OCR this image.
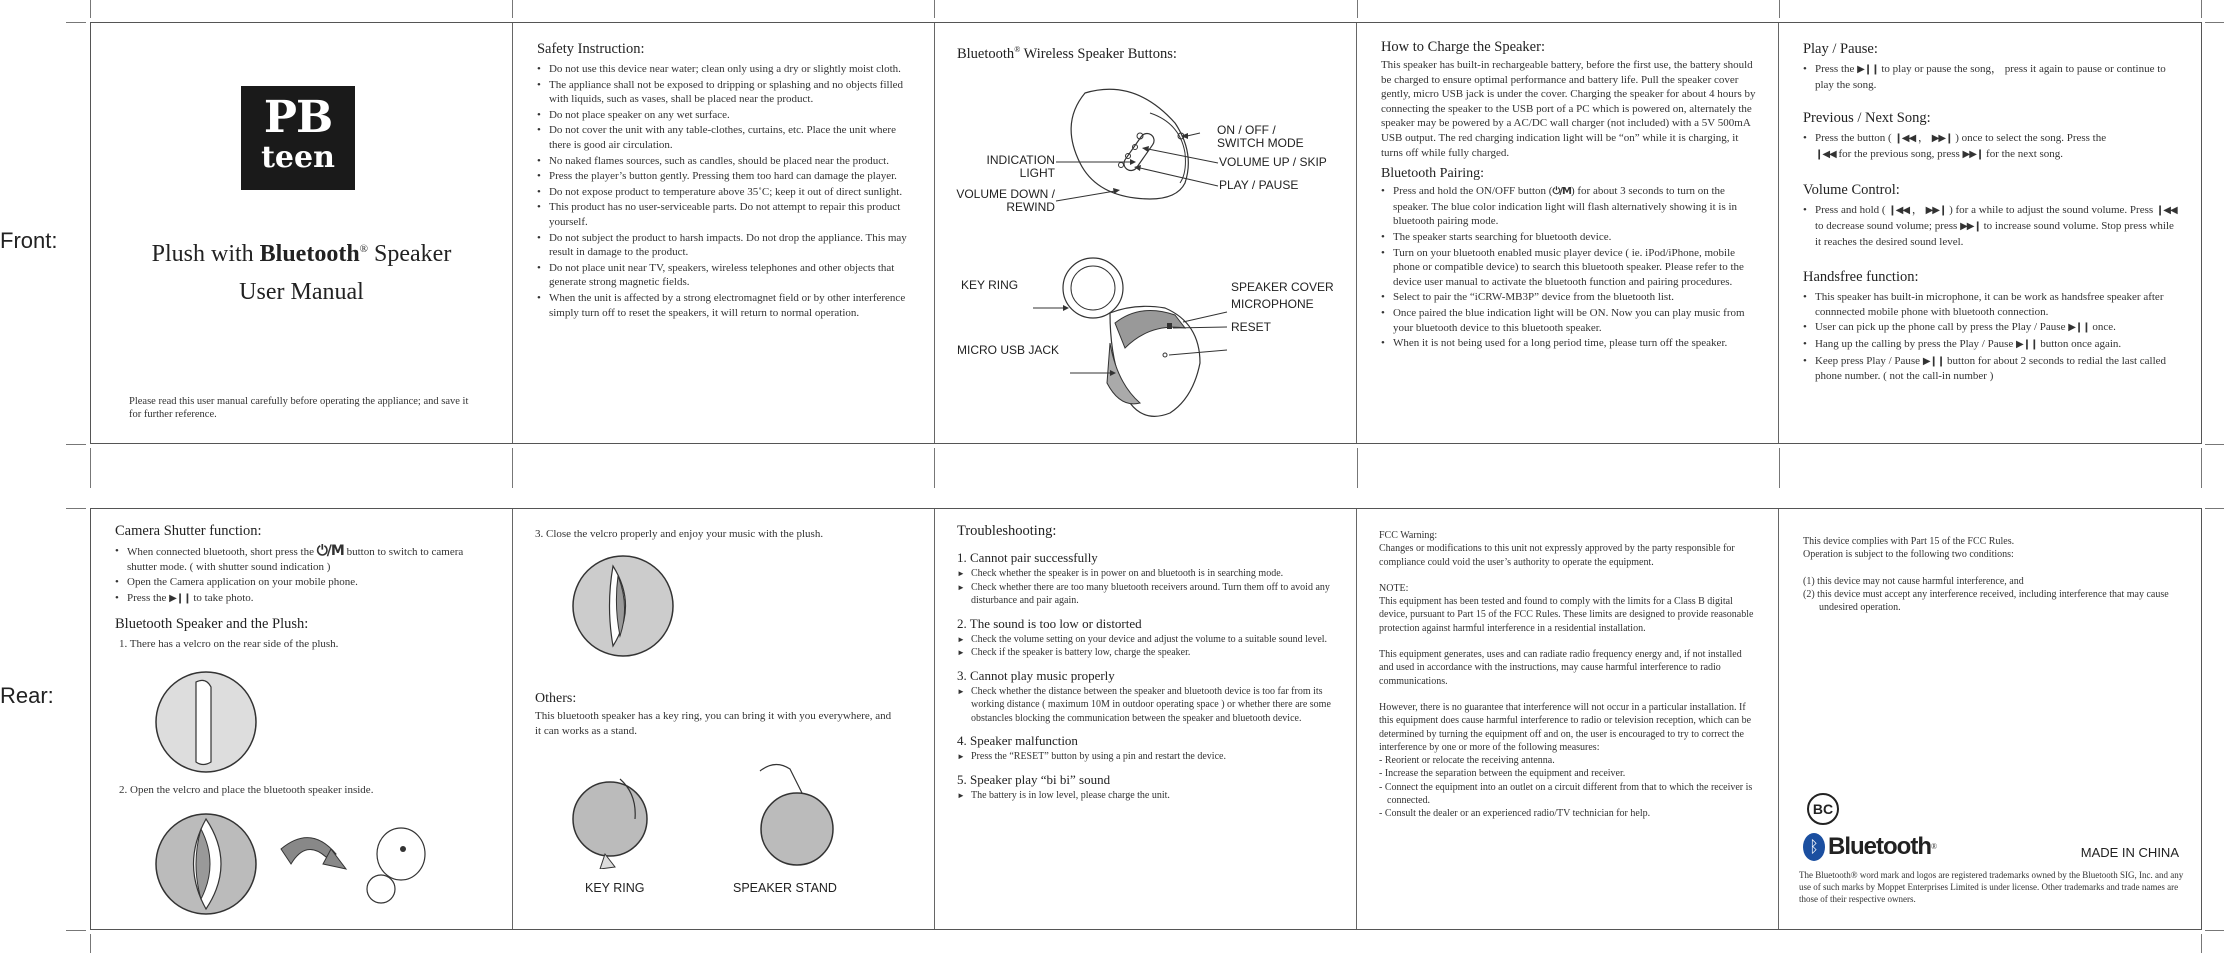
Front:
Rear:
PB
teen
Plush with Bluetooth® Speaker
User Manual
Please read this user manual carefully before operating the appliance; and save it for further reference.
Safety Instruction:
• Do not use this device near water; clean only using a dry or slightly moist cloth.
• The appliance shall not be exposed to dripping or splashing and no objects filled with liquids, such as vases, shall be placed near the product.
• Do not place speaker on any wet surface.
• Do not cover the unit with any table-clothes, curtains, etc. Place the unit where there is good air circulation.
• No naked flames sources, such as candles, should be placed near the product.
• Press the player’s button gently. Pressing them too hard can damage the player.
• Do not expose product to temperature above 35˚C; keep it out of direct sunlight.
• This product has no user-serviceable parts. Do not attempt to repair this product yourself.
• Do not subject the product to harsh impacts. Do not drop the appliance. This may result in damage to the product.
• Do not place unit near TV, speakers, wireless telephones and other objects that generate strong magnetic fields.
• When the unit is affected by a strong electromagnet field or by other interference simply turn off to reset the speakers, it will return to normal operation.
Bluetooth® Wireless Speaker Buttons:
ON / OFF /
SWITCH MODE
INDICATION
LIGHT
VOLUME UP / SKIP
VOLUME DOWN /
REWIND
PLAY / PAUSE
KEY RING	SPEAKER COVER
MICROPHONE
RESET
MICRO USB JACK
How to Charge the Speaker:

This speaker has built-in rechargeable battery, before the first use, the battery should be charged to ensure optimal performance and battery life. Pull the speaker cover gently, micro USB jack is under the cover. Charging the speaker for about 4 hours by connecting the speaker to the USB port of a PC which is powered on, alternately the speaker may be powered by a AC/DC wall charger (not included) with a 5V 500mA USB output. The red charging indication light will be “on” while it is charging, it turns off while fully charged.

Bluetooth Pairing:
• Press and hold the ON/OFF button (⏻/M) for about 3 seconds to turn on the speaker. The blue color indication light will flash alternatively showing it is in bluetooth pairing mode.
• The speaker starts searching for bluetooth device.
• Turn on your bluetooth enabled music player device ( ie. iPod/iPhone, mobile phone or compatible device) to search this bluetooth speaker. Please refer to the device user manual to activate the bluetooth function and pairing procedures.
• Select to pair the “iCRW-MB3P” device from the bluetooth list.
• Once paired the blue indication light will be ON. Now you can play music from your bluetooth device to this bluetooth speaker.
• When it is not being used for a long period time, please turn off the speaker.
Play / Pause:
• Press the ▶❙❙ to play or pause the song， press it again to pause or continue to play the song.
Previous / Next Song:
• Press the button ( ❙◀◀ ， ▶▶❙ ) once to select the song. Press the
❙◀◀ for the previous song, press ▶▶❙ for the next song.
Volume Control:
• Press and hold ( ❙◀◀ ， ▶▶❙ ) for a while to adjust the sound volume. Press ❙◀◀ to decrease sound volume; press ▶▶❙ to increase sound volume. Stop press while it reaches the desired sound level.
Handsfree function:
• This speaker has built-in microphone, it can be work as handsfree speaker after connnected mobile phone with bluetooth connection.
• User can pick up the phone call by press the Play / Pause ▶❙❙ once.
• Hang up the calling by press the Play / Pause ▶❙❙ button once again.
• Keep press Play / Pause ▶❙❙ button for about 2 seconds to redial the last called phone number. ( not the call-in number )
Camera Shutter function:
• When connected bluetooth, short press the ⏻/M button to switch to camera shutter mode. ( with shutter sound indication )
• Open the Camera application on your mobile phone.
• Press the ▶❙❙ to take photo.
Bluetooth Speaker and the Plush:

1. There has a velcro on the rear side of the plush.

2. Open the velcro and place the bluetooth speaker inside.

3. Close the velcro properly and enjoy your music with the plush.

Others:

This bluetooth speaker has a key ring, you can bring it with you everywhere, and it can works as a stand.

KEY RING	SPEAKER STAND
Troubleshooting:
1. Cannot pair successfully
► Check whether the speaker is in power on and bluetooth is in searching mode.
► Check whether there are too many bluetooth receivers around. Turn them off to avoid any disturbance and pair again.
2. The sound is too low or distorted
► Check the volume setting on your device and adjust the volume to a suitable sound level.
► Check if the speaker is battery low, charge the speaker.
3. Cannot play music properly
► Check whether the distance between the speaker and bluetooth device is too far from its working distance ( maximum 10M in outdoor operating space ) or whether there are some obstancles blocking the communication between the speaker and bluetooth device.
4. Speaker malfunction
► Press the “RESET” button by using a pin and restart the device.
5. Speaker play “bi bi” sound
► The battery is in low level, please charge the unit.

FCC Warning:

Changes or modifications to this unit not expressly approved by the party responsible for compliance could void the user’s authority to operate the equipment.

NOTE:

This equipment has been tested and found to comply with the limits for a Class B digital device, pursuant to Part 15 of the FCC Rules. These limits are designed to provide reasonable protection against harmful interference in a residential installation.

This equipment generates, uses and can radiate radio frequency energy and, if not installed and used in accordance with the instructions, may cause harmful interference to radio communications.

However, there is no guarantee that interference will not occur in a particular installation. If this equipment does cause harmful interference to radio or television reception, which can be determined by turning the equipment off and on, the user is encouraged to try to correct the interference by one or more of the following measures:

- Reorient or relocate the receiving antenna.

- Increase the separation between the equipment and receiver.

- Connect the equipment into an outlet on a circuit different from that to which the receiver is connected.

- Consult the dealer or an experienced radio/TV technician for help.

This device complies with Part 15 of the FCC Rules.

Operation is subject to the following two conditions:

(1) this device may not cause harmful interference, and

(2) this device must accept any interference received, including interference that may cause undesired operation.

BC
ᛒ Bluetooth ®	MADE IN CHINA

The Bluetooth® word mark and logos are registered trademarks owned by the Bluetooth SIG, Inc. and any use of such marks by Moppet Enterprises Limited is under license. Other trademarks and trade names are those of their respective owners.
